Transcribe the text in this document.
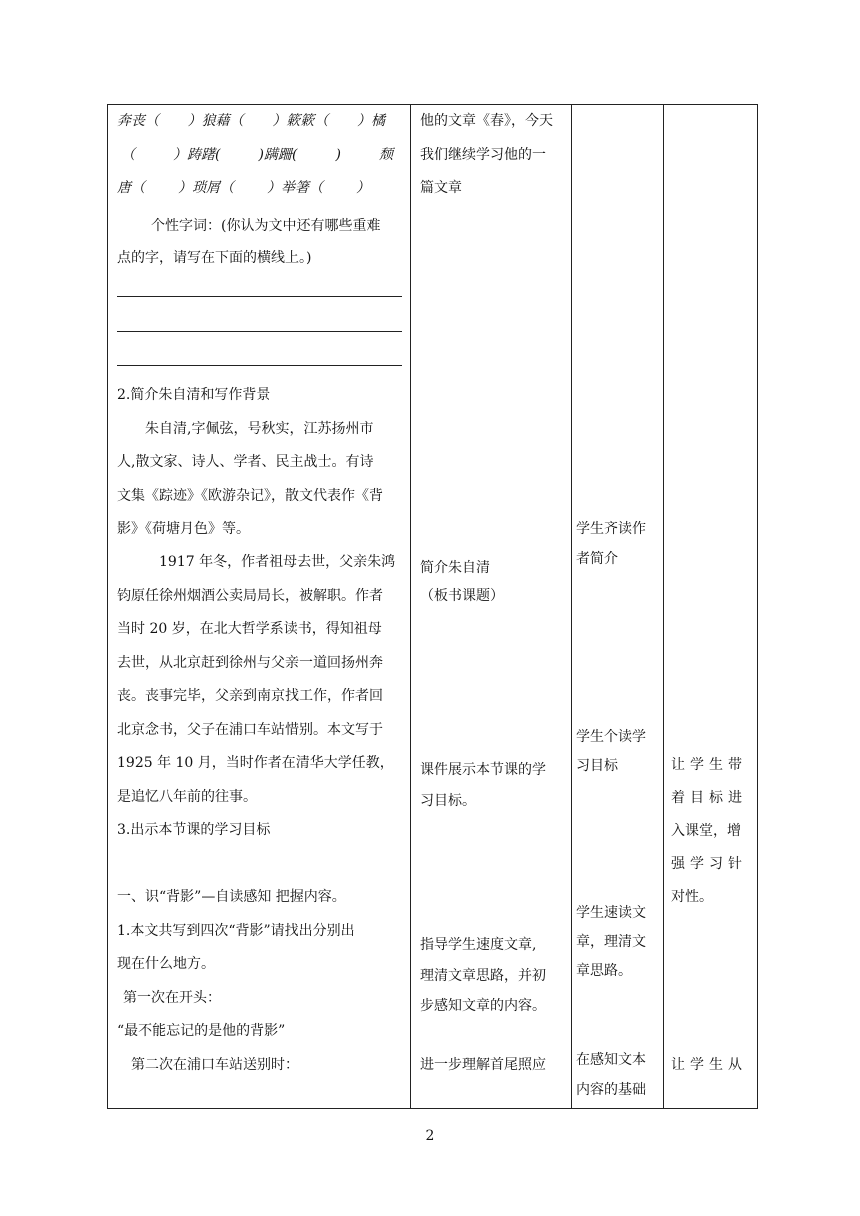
奔丧（ ）狼藉（ ）簌簌（ ）橘
（	）踌躇(	)蹒跚(	)	颓
唐（ ）琐屑（ ）举箸（ ）
个性字词：(你认为文中还有哪些重难
点的字，请写在下面的横线上。)
2.简介朱自清和写作背景
朱自清,字佩弦，号秋实，江苏扬州市
人,散文家、诗人、学者、民主战士。有诗
文集《踪迹》《欧游杂记》，散文代表作《背
影》《荷塘月色》等。
1917 年冬，作者祖母去世，父亲朱鸿
钧原任徐州烟酒公卖局局长，被解职。作者
当时 20 岁，在北大哲学系读书，得知祖母
去世，从北京赶到徐州与父亲一道回扬州奔
丧。丧事完毕，父亲到南京找工作，作者回
北京念书，父子在浦口车站惜别。本文写于
1925 年 10 月，当时作者在清华大学任教，
是追忆八年前的往事。
3.出示本节课的学习目标
一、识“背影”—自读感知 把握内容。
1.本文共写到四次“背影”请找出分别出
现在什么地方。
第一次在开头：
“最不能忘记的是他的背影”
第二次在浦口车站送别时：

他的文章《春》，今天
我们继续学习他的一
篇文章
简介朱自清
（板书课题）
课件展示本节课的学
习目标。
指导学生速度文章,
理清文章思路，并初
步感知文章的内容。
进一步理解首尾照应

学生齐读作
者简介
学生个读学
习目标
学生速读文
章，理清文
章思路。
在感知文本
内容的基础

让学生带
着目标进
入课堂，增
强学习针
对性。
让学生从
2
